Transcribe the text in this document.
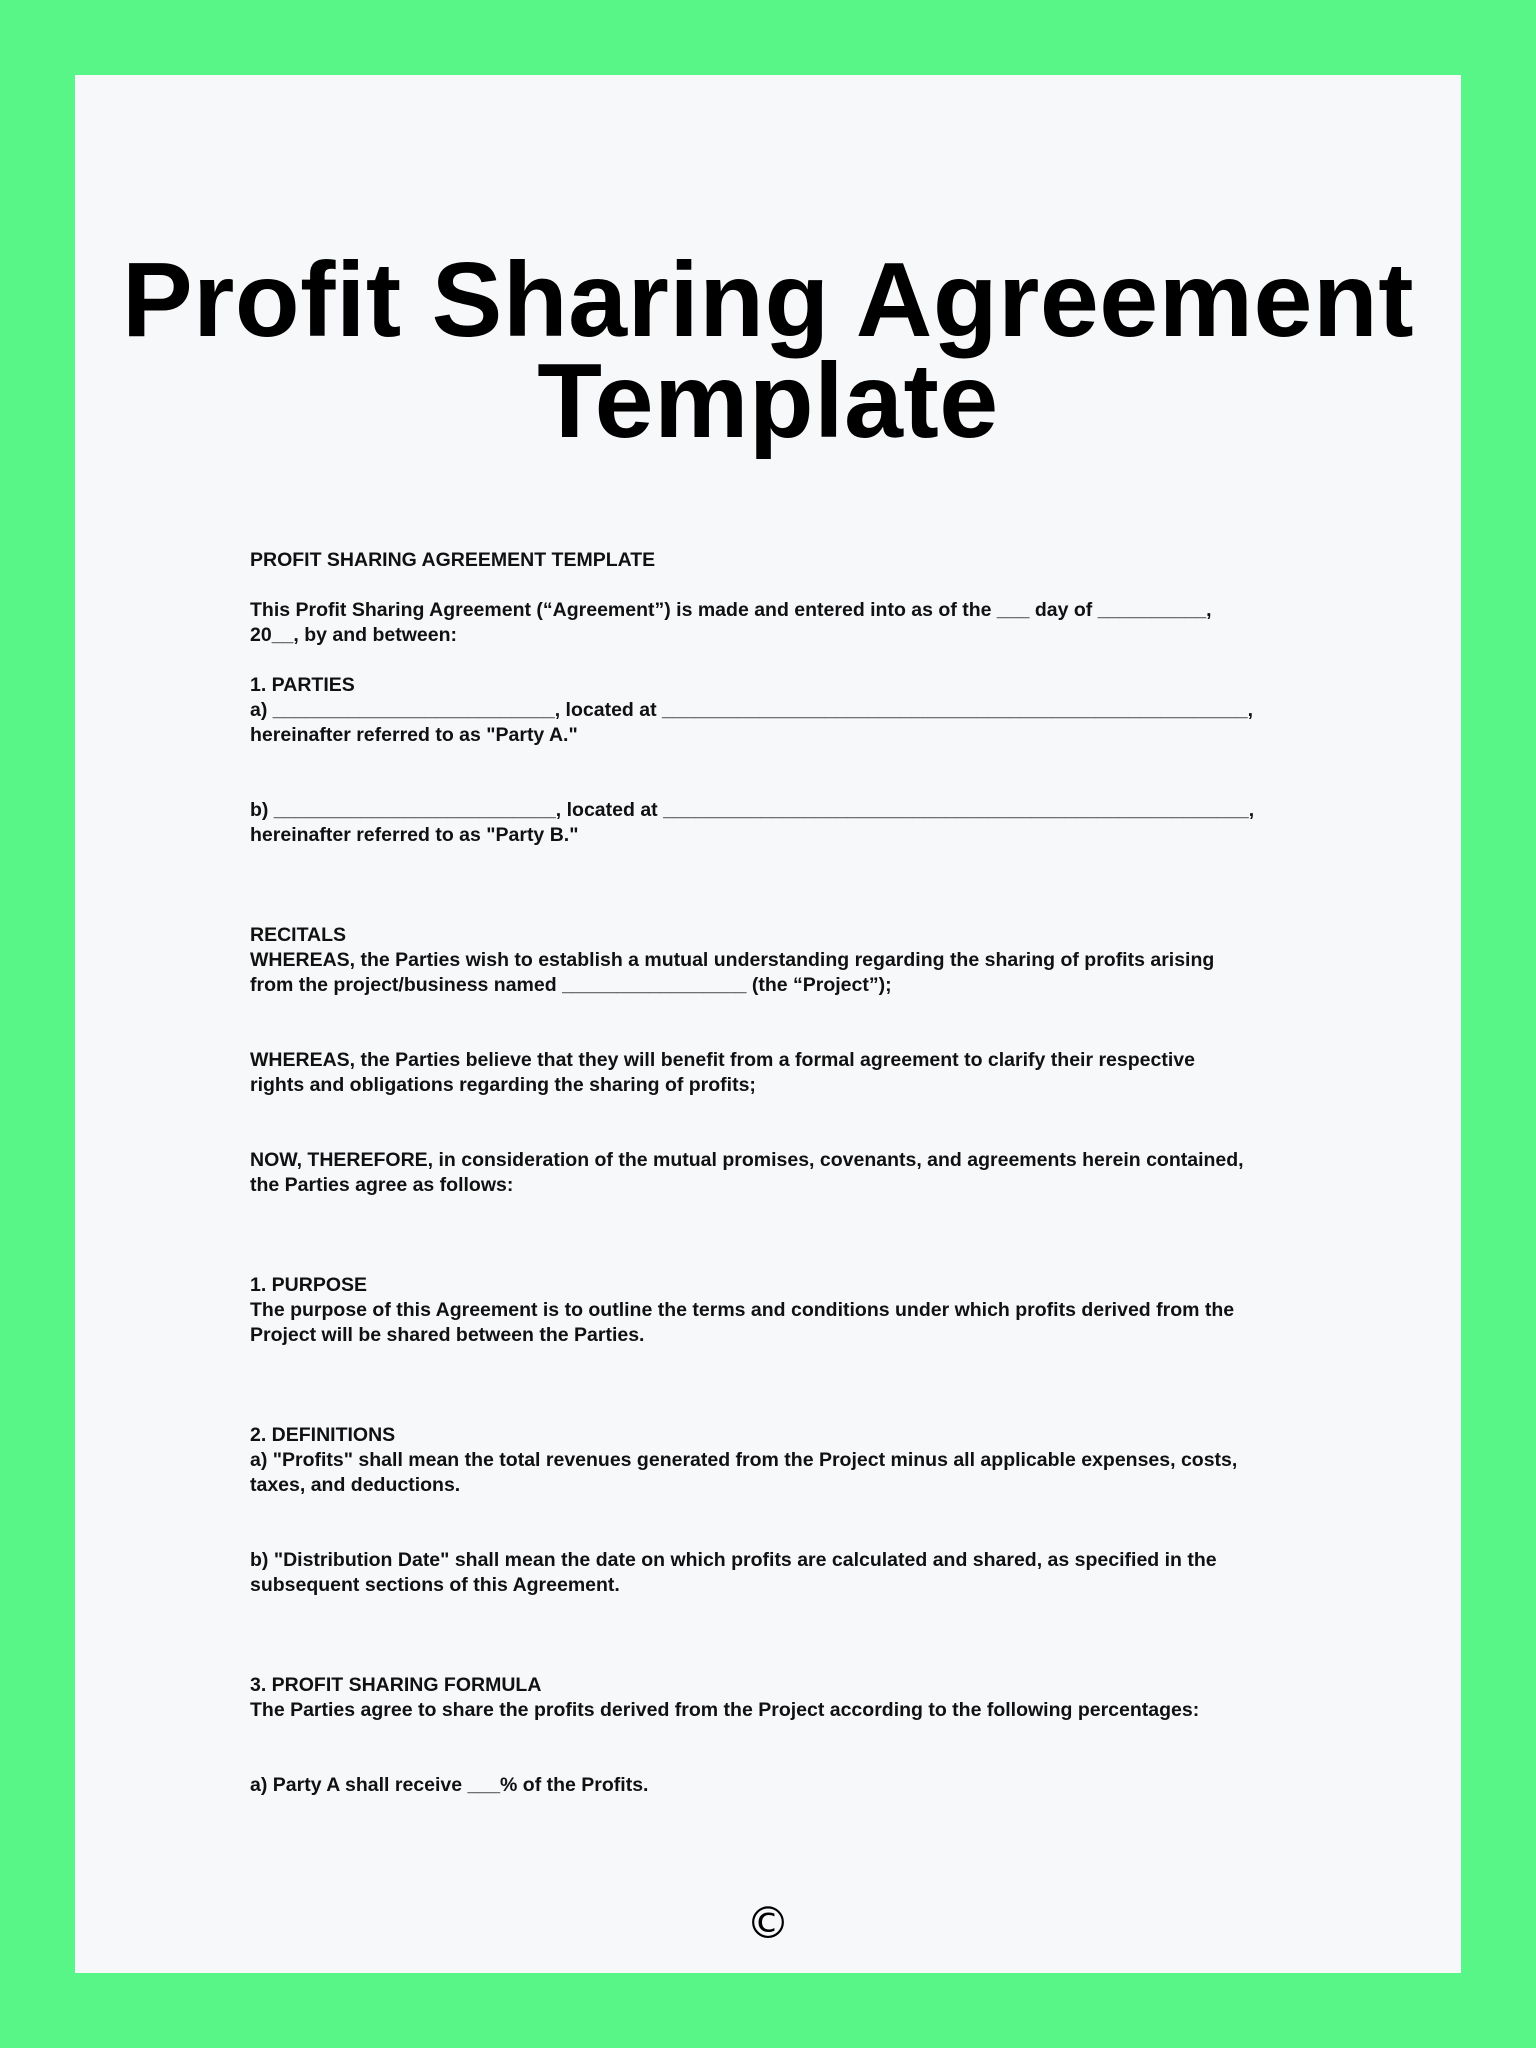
Profit Sharing Agreement
Template

PROFIT SHARING AGREEMENT TEMPLATE

This Profit Sharing Agreement (“Agreement”) is made and entered into as of the ___ day of __________,
20__, by and between:

1. PARTIES

a) __________________________, located at ______________________________________________________,
hereinafter referred to as "Party A."

b) __________________________, located at ______________________________________________________,
hereinafter referred to as "Party B."

RECITALS

WHEREAS, the Parties wish to establish a mutual understanding regarding the sharing of profits arising
from the project/business named _________________ (the “Project”);

WHEREAS, the Parties believe that they will benefit from a formal agreement to clarify their respective
rights and obligations regarding the sharing of profits;

NOW, THEREFORE, in consideration of the mutual promises, covenants, and agreements herein contained,
the Parties agree as follows:

1. PURPOSE

The purpose of this Agreement is to outline the terms and conditions under which profits derived from the
Project will be shared between the Parties.

2. DEFINITIONS

a) "Profits" shall mean the total revenues generated from the Project minus all applicable expenses, costs,
taxes, and deductions.

b) "Distribution Date" shall mean the date on which profits are calculated and shared, as specified in the
subsequent sections of this Agreement.

3. PROFIT SHARING FORMULA

The Parties agree to share the profits derived from the Project according to the following percentages:

a) Party A shall receive ___% of the Profits.

©
